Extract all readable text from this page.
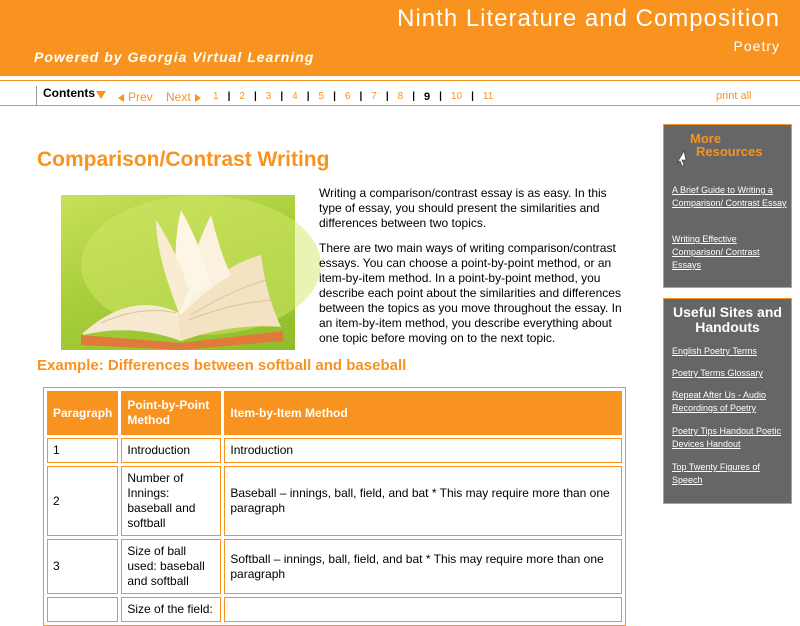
Ninth Literature and Composition
Poetry
Powered by Georgia Virtual Learning
Contents	Prev Next	1 | 2 | 3 | 4 | 5 | 6 | 7 | 8 | 9 | 10 | 11	print all
Comparison/Contrast Writing
Writing a comparison/contrast essay is as easy. In this type of essay, you should present the similarities and differences between two topics.
There are two main ways of writing comparison/contrast essays. You can choose a point-by-point method, or an item-by-item method. In a point-by-point method, you describe each point about the similarities and differences between the topics as you move throughout the essay. In an item-by-item method, you describe everything about one topic before moving on to the next topic.
Example: Differences between softball and baseball
Paragraph	Point-by-Point Method	Item-by-Item Method
1	Introduction	Introduction
2	Number of Innings: baseball and softball	Baseball – innings, ball, field, and bat * This may require more than one paragraph
3	Size of ball used: baseball and softball	Softball – innings, ball, field, and bat * This may require more than one paragraph
	Size of the field:	
More
Resources
A Brief Guide to Writing a Comparison/ Contrast Essay
Writing Effective Comparison/ Contrast Essays
Useful Sites and Handouts
English Poetry Terms
Poetry Terms Glossary
Repeat After Us - Audio Recordings of Poetry
Poetry Tips Handout Poetic Devices Handout
Top Twenty Figures of Speech
